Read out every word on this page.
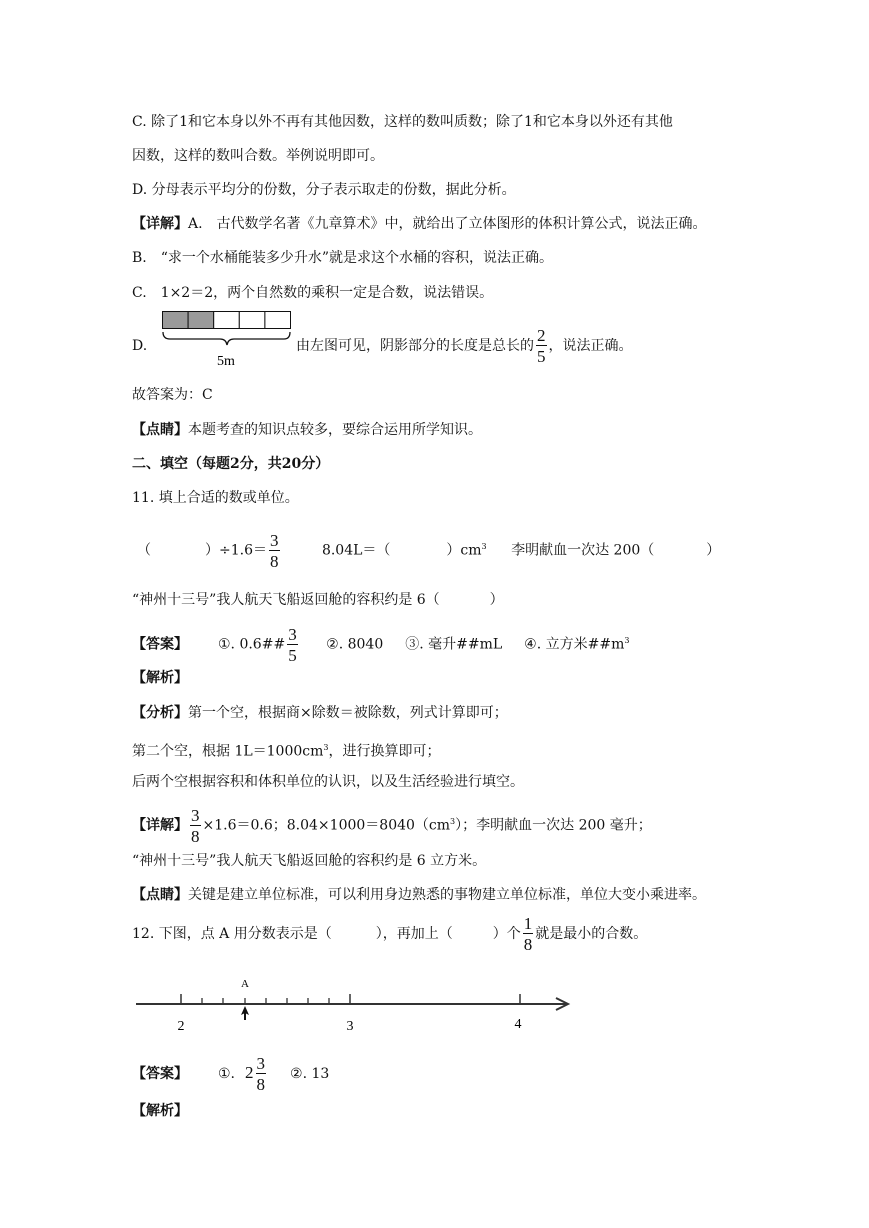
C. 除了1和它本身以外不再有其他因数，这样的数叫质数；除了1和它本身以外还有其他
因数，这样的数叫合数。举例说明即可。
D. 分母表示平均分的份数，分子表示取走的份数，据此分析。
【详解】A.　古代数学名著《九章算术》中，就给出了立体图形的体积计算公式，说法正确。
B.　“求一个水桶能装多少升水”就是求这个水桶的容积，说法正确。
C.　1×2＝2，两个自然数的乘积一定是合数，说法错误。
D.
5m
由左图可见，阴影部分的长度是总长的 $\frac{2}{5}$ ，说法正确。
故答案为：C
【点睛】本题考查的知识点较多，要综合运用所学知识。
二、填空（每题2分，共20分）
11. 填上合适的数或单位。
（	）$\div 1.6= \frac{3}{8}$	8.04L＝（	）$cm^3$ 李明献血一次达 200（	）
“神州十三号”我人航天飞船返回舱的容积约是 6（	）
【答案】 ①. 0.6## $\frac{3}{5}$ ②. 8040 ③. 毫升##mL ④. 立方米$\#\#m^3$
【解析】
【分析】第一个空，根据商×除数＝被除数，列式计算即可；
第二个空，根据 $1L=1000cm^3$，进行换算即可；
后两个空根据容积和体积单位的认识，以及生活经验进行填空。
【详解】 $\frac{3}{8} \times 1.6=0.6$；$8.04\times 1000=8040(cm^3)$；李明献血一次达 200 毫升；
“神州十三号”我人航天飞船返回舱的容积约是 6 立方米。
【点睛】关键是建立单位标准，可以利用身边熟悉的事物建立单位标准，单位大变小乘进率。
12. 下图，点 A 用分数表示是（	），再加上（	）个 $\frac{1}{8}$ 就是最小的合数。
A
2	3	4
【答案】 ①. $2 \frac{3}{8}$ ②. 13
【解析】
